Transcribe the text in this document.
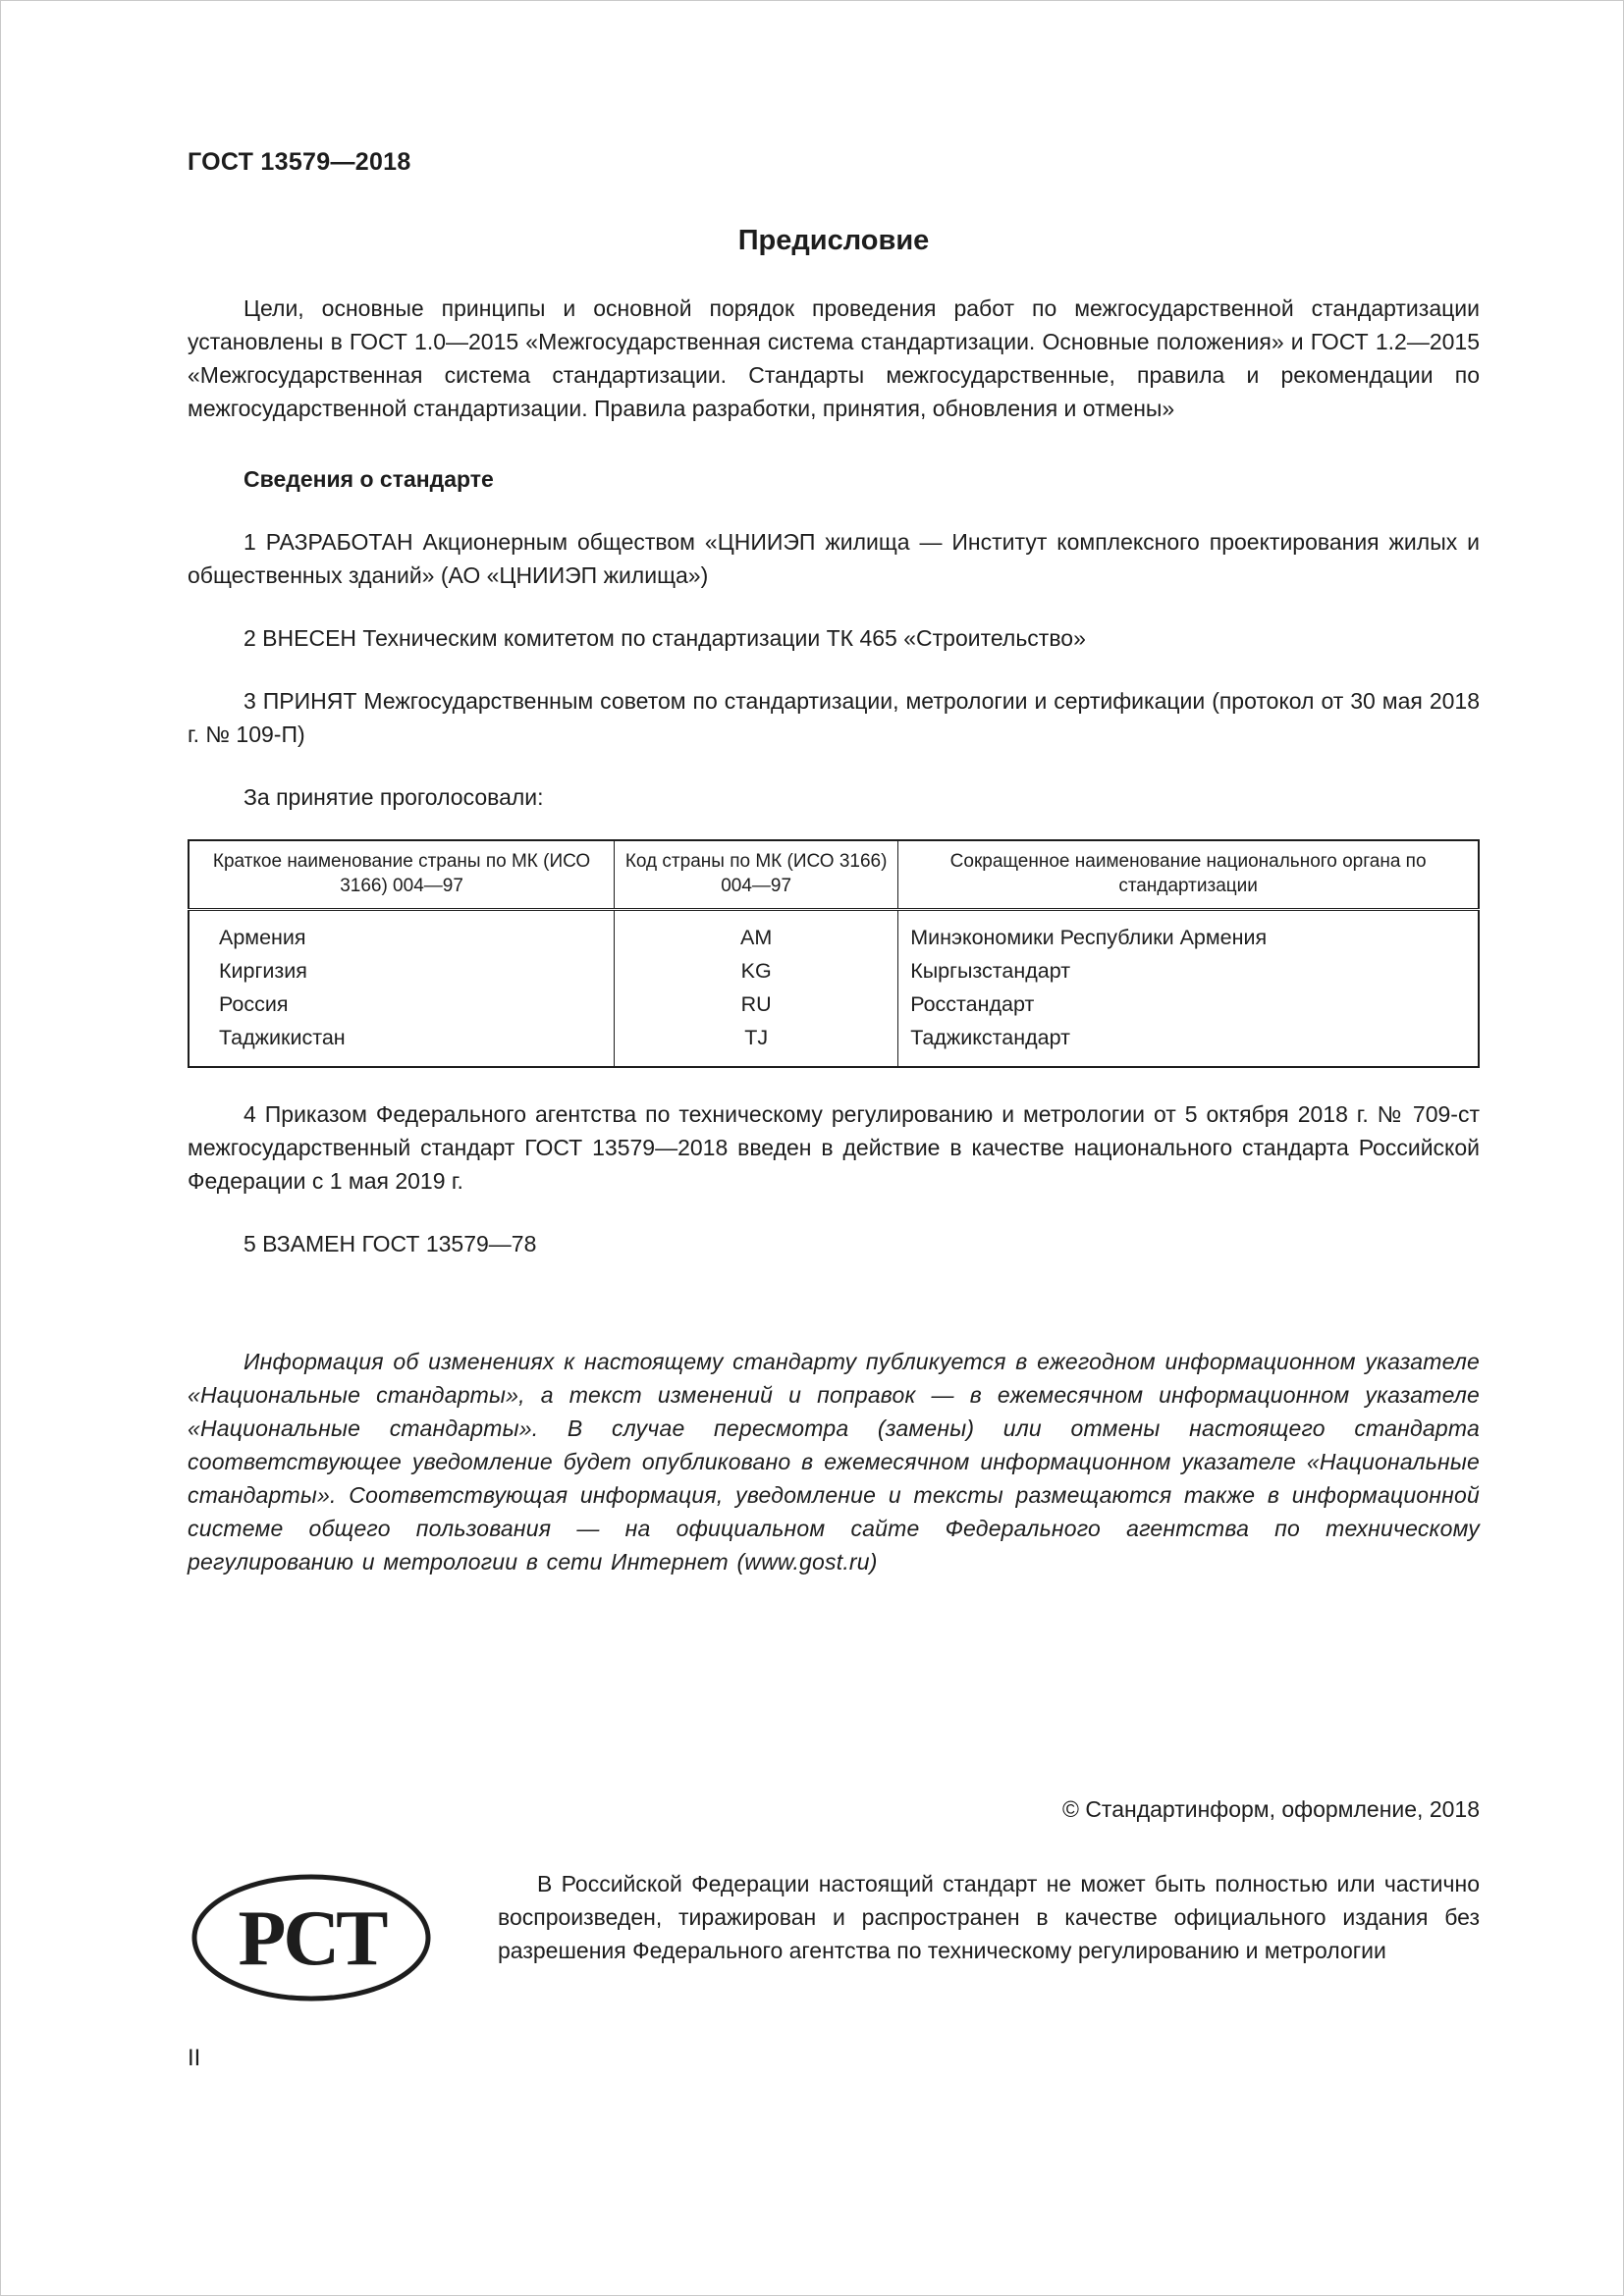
ГОСТ 13579—2018
Предисловие

Цели, основные принципы и основной порядок проведения работ по межгосударственной стандартизации установлены в ГОСТ 1.0—2015 «Межгосударственная система стандартизации. Основные положения» и ГОСТ 1.2—2015 «Межгосударственная система стандартизации. Стандарты межгосударственные, правила и рекомендации по межгосударственной стандартизации. Правила разработки, принятия, обновления и отмены»

Сведения о стандарте

1 РАЗРАБОТАН Акционерным обществом «ЦНИИЭП жилища — Институт комплексного проектирования жилых и общественных зданий» (АО «ЦНИИЭП жилища»)

2 ВНЕСЕН Техническим комитетом по стандартизации ТК 465 «Строительство»

3 ПРИНЯТ Межгосударственным советом по стандартизации, метрологии и сертификации (протокол от 30 мая 2018 г. № 109-П)

За принятие проголосовали:

Краткое наименование страны по МК (ИСО 3166) 004—97	Код страны по МК (ИСО 3166) 004—97	Сокращенное наименование национального органа по стандартизации
Армения	AM	Минэкономики Республики Армения
Киргизия	KG	Кыргызстандарт
Россия	RU	Росстандарт
Таджикистан	TJ	Таджикстандарт

4 Приказом Федерального агентства по техническому регулированию и метрологии от 5 октября 2018 г. № 709-ст межгосударственный стандарт ГОСТ 13579—2018 введен в действие в качестве национального стандарта Российской Федерации с 1 мая 2019 г.

5 ВЗАМЕН ГОСТ 13579—78

Информация об изменениях к настоящему стандарту публикуется в ежегодном информационном указателе «Национальные стандарты», а текст изменений и поправок — в ежемесячном информационном указателе «Национальные стандарты». В случае пересмотра (замены) или отмены настоящего стандарта соответствующее уведомление будет опубликовано в ежемесячном информационном указателе «Национальные стандарты». Соответствующая информация, уведомление и тексты размещаются также в информационной системе общего пользования — на официальном сайте Федерального агентства по техническому регулированию и метрологии в сети Интернет (www.gost.ru)

© Стандартинформ, оформление, 2018
РСТ

В Российской Федерации настоящий стандарт не может быть полностью или частично воспроизведен, тиражирован и распространен в качестве официального издания без разрешения Федерального агентства по техническому регулированию и метрологии

II
